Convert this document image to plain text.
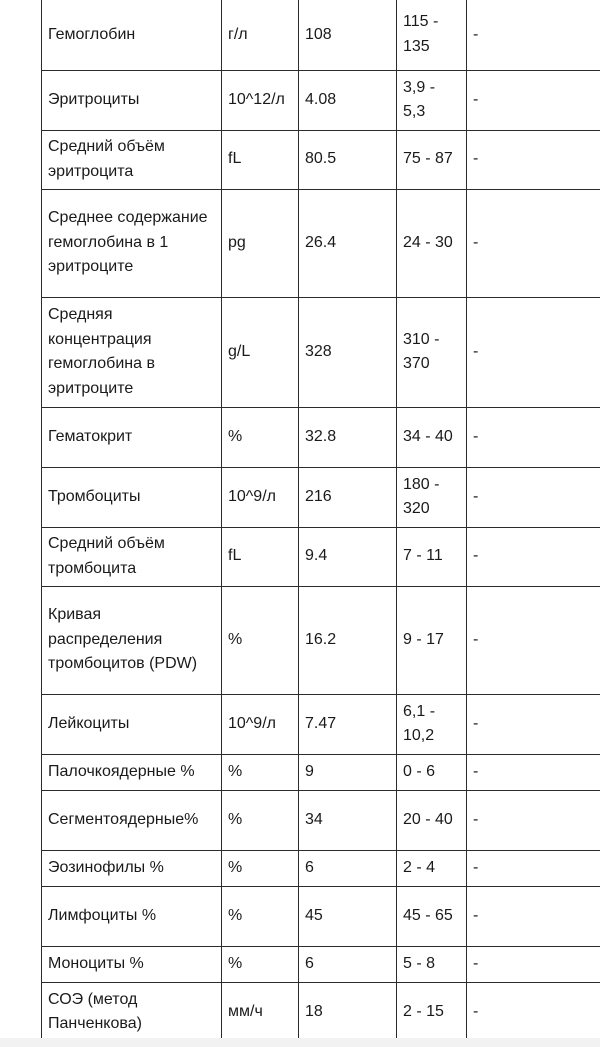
Гемоглобин	г/л	108	115 - 135	-
Эритроциты	10^12/л	4.08	3,9 - 5,3	-
Средний объём эритроцита	fL	80.5	75 - 87	-
Среднее содержание гемоглобина в 1 эритроците	pg	26.4	24 - 30	-
Средняя концентрация гемоглобина в эритроците	g/L	328	310 - 370	-
Гематокрит	%	32.8	34 - 40	-
Тромбоциты	10^9/л	216	180 - 320	-
Средний объём тромбоцита	fL	9.4	7 - 11	-
Кривая распределения тромбоцитов (PDW)	%	16.2	9 - 17	-
Лейкоциты	10^9/л	7.47	6,1 - 10,2	-
Палочкоядерные %	%	9	0 - 6	-
Сегментоядерные%	%	34	20 - 40	-
Эозинофилы %	%	6	2 - 4	-
Лимфоциты %	%	45	45 - 65	-
Моноциты %	%	6	5 - 8	-
СОЭ (метод Панченкова)	мм/ч	18	2 - 15	-
